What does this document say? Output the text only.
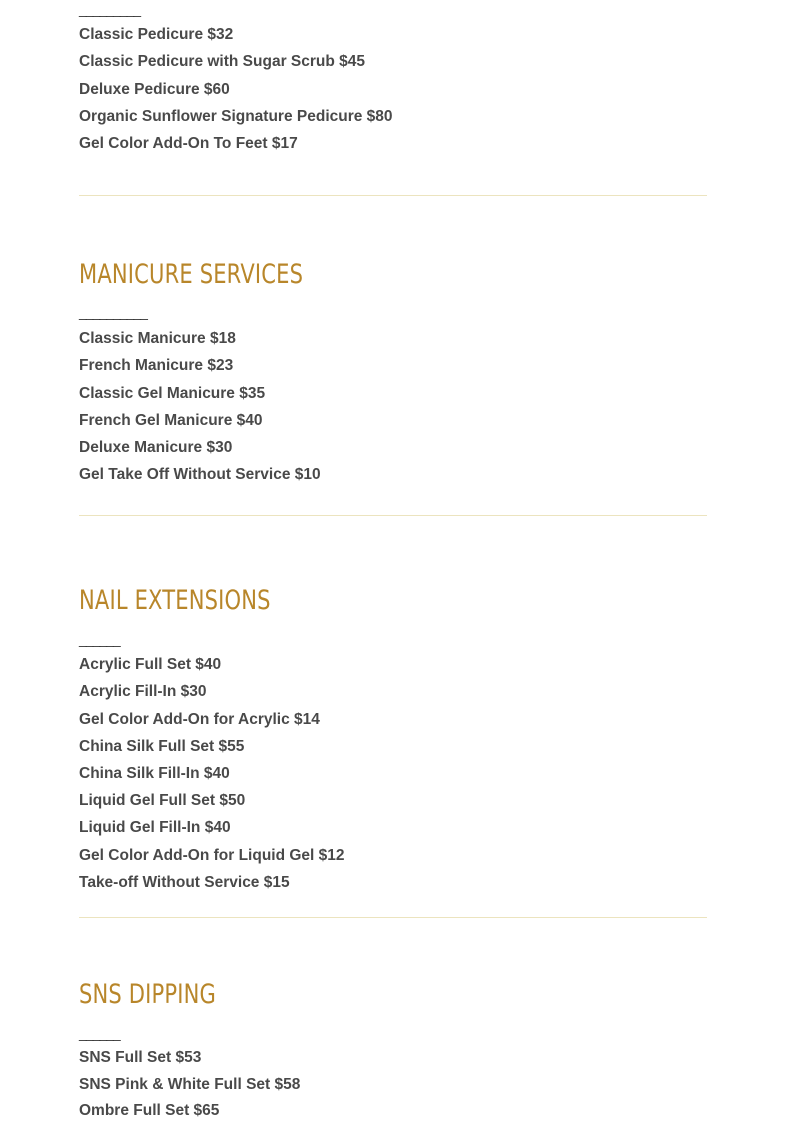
_________
Classic Pedicure $32
Classic Pedicure with Sugar Scrub $45
Deluxe Pedicure $60
Organic Sunflower Signature Pedicure $80
Gel Color Add-On To Feet $17
MANICURE SERVICES
__________
Classic Manicure $18
French Manicure $23
Classic Gel Manicure $35
French Gel Manicure $40
Deluxe Manicure $30
Gel Take Off Without Service $10
NAIL EXTENSIONS
______
Acrylic Full Set $40
Acrylic Fill-In $30
Gel Color Add-On for Acrylic $14
China Silk Full Set $55
China Silk Fill-In $40
Liquid Gel Full Set $50
Liquid Gel Fill-In $40
Gel Color Add-On for Liquid Gel $12
Take-off Without Service $15
SNS DIPPING
______
SNS Full Set $53
SNS Pink & White Full Set $58
Ombre Full Set $65
